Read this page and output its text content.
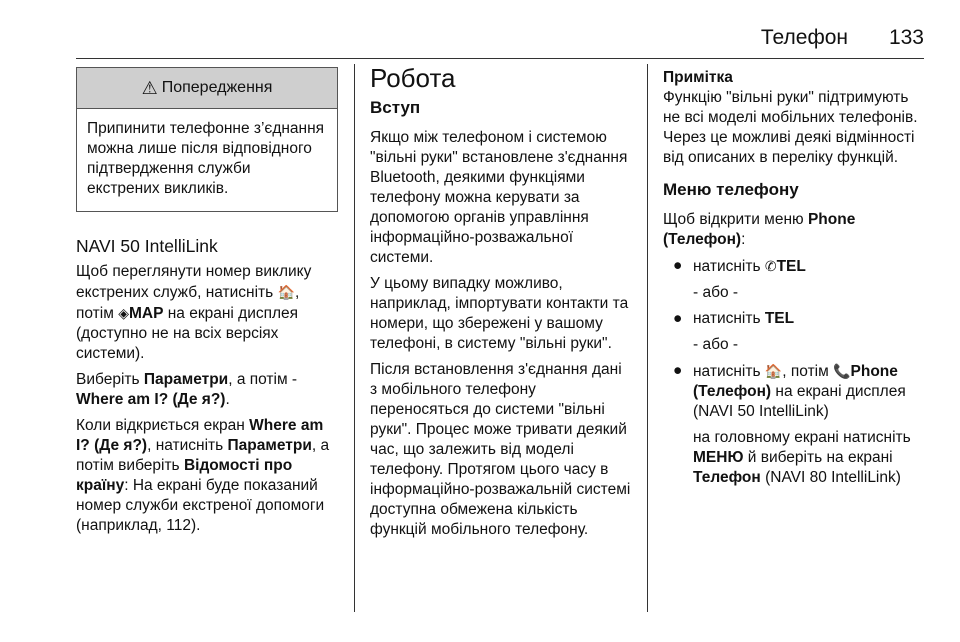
Телефон 133
⚠ Попередження
Припинити телефонне з’єднання можна лише після відповідного підтвердження служби екстрених викликів.
NAVI 50 IntelliLink

Щоб переглянути номер виклику екстрених служб, натисніть 🏠, потім ◈MAP на екрані дисплея (доступно не на всіх версіях системи).

Виберіть Параметри, а потім - Where am I? (Де я?).

Коли відкриється екран Where am I? (Де я?), натисніть Параметри, а потім виберіть Відомості про країну: На екрані буде показаний номер служби екстреної допомоги (наприклад, 112).

Робота
Вступ

Якщо між телефоном і системою "вільні руки" встановлене з'єднання Bluetooth, деякими функціями телефону можна керувати за допомогою органів управління інформаційно-розважальної системи.

У цьому випадку можливо, наприклад, імпортувати контакти та номери, що збережені у вашому телефоні, в систему "вільні руки".

Після встановлення з'єднання дані з мобільного телефону переносяться до системи "вільні руки". Процес може тривати деякий час, що залежить від моделі телефону. Протягом цього часу в інформаційно-розважальній системі доступна обмежена кількість функцій мобільного телефону.

Примітка
Функцію "вільні руки" підтримують не всі моделі мобільних телефонів. Через це можливі деякі відмінності від описаних в переліку функцій.
Меню телефону

Щоб відкрити меню Phone (Телефон):

● натисніть ✆TEL
- або -
● натисніть TEL
- або -
● натисніть 🏠, потім 📞Phone (Телефон) на екрані дисплея (NAVI 50 IntelliLink)
на головному екрані натисніть МЕНЮ й виберіть на екрані Телефон (NAVI 80 IntelliLink)
